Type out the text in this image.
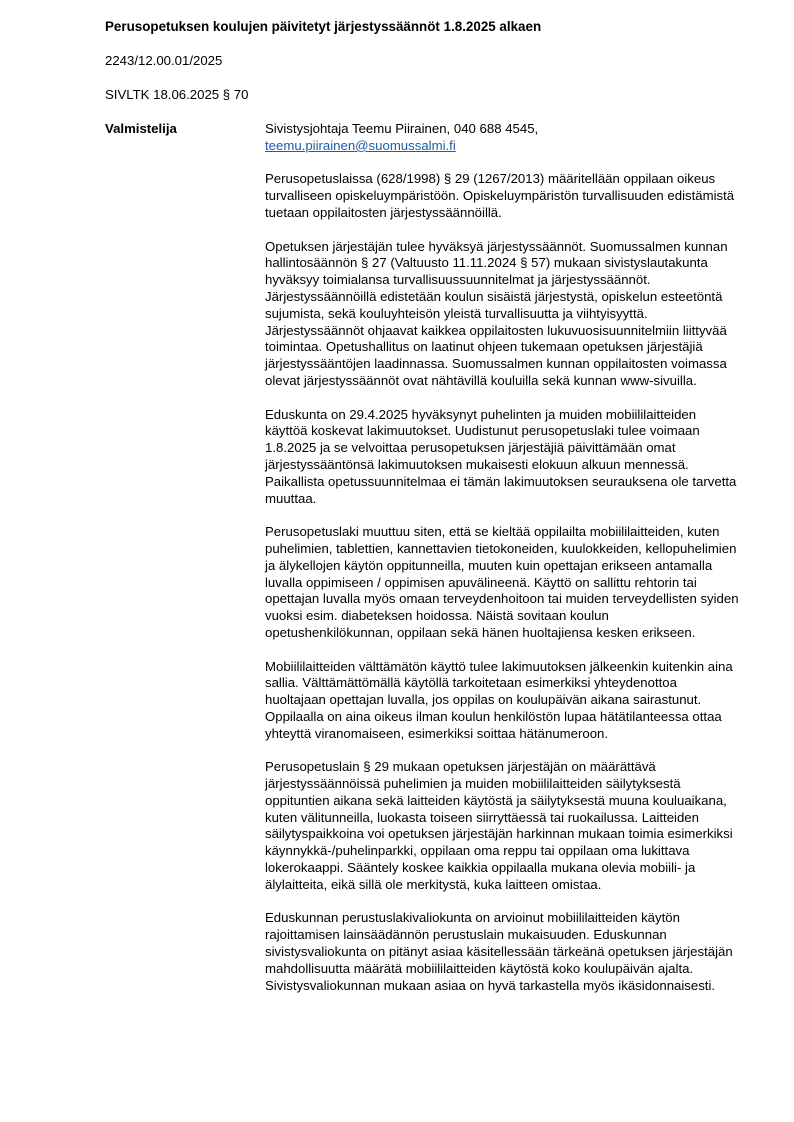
Perusopetuksen koulujen päivitetyt järjestyssäännöt 1.8.2025 alkaen

2243/12.00.01/2025

SIVLTK 18.06.2025 § 70

Valmistelija	Sivistysjohtaja Teemu Piirainen, 040 688 4545,

teemu.piirainen@suomussalmi.fi

Perusopetuslaissa (628/1998) § 29 (1267/2013) määritellään oppilaan oikeus turvalliseen opiskeluympäristöön. Opiskeluympäristön turvallisuuden edistämistä tuetaan oppilaitosten järjestyssäännöillä.

Opetuksen järjestäjän tulee hyväksyä järjestyssäännöt. Suomussalmen kunnan hallintosäännön § 27 (Valtuusto 11.11.2024 § 57) mukaan sivistyslautakunta hyväksyy toimialansa turvallisuussuunnitelmat ja järjestyssäännöt. Järjestyssäännöillä edistetään koulun sisäistä järjestystä, opiskelun esteetöntä sujumista, sekä kouluyhteisön yleistä turvallisuutta ja viihtyisyyttä. Järjestyssäännöt ohjaavat kaikkea oppilaitosten lukuvuosisuunnitelmiin liittyvää toimintaa. Opetushallitus on laatinut ohjeen tukemaan opetuksen järjestäjiä järjestyssääntöjen laadinnassa. Suomussalmen kunnan oppilaitosten voimassa olevat järjestyssäännöt ovat nähtävillä kouluilla sekä kunnan www-sivuilla.

Eduskunta on 29.4.2025 hyväksynyt puhelinten ja muiden mobiililaitteiden käyttöä koskevat lakimuutokset. Uudistunut perusopetuslaki tulee voimaan 1.8.2025 ja se velvoittaa perusopetuksen järjestäjiä päivittämään omat järjestyssääntönsä lakimuutoksen mukaisesti elokuun alkuun mennessä. Paikallista opetussuunnitelmaa ei tämän lakimuutoksen seurauksena ole tarvetta muuttaa.

Perusopetuslaki muuttuu siten, että se kieltää oppilailta mobiililaitteiden, kuten puhelimien, tablettien, kannettavien tietokoneiden, kuulokkeiden, kellopuhelimien ja älykellojen käytön oppitunneilla, muuten kuin opettajan erikseen antamalla luvalla oppimiseen / oppimisen apuvälineenä. Käyttö on sallittu rehtorin tai opettajan luvalla myös omaan terveydenhoitoon tai muiden terveydellisten syiden vuoksi esim. diabeteksen hoidossa. Näistä sovitaan koulun opetushenkilökunnan, oppilaan sekä hänen huoltajiensa kesken erikseen.

Mobiililaitteiden välttämätön käyttö tulee lakimuutoksen jälkeenkin kuitenkin aina sallia. Välttämättömällä käytöllä tarkoitetaan esimerkiksi yhteydenottoa huoltajaan opettajan luvalla, jos oppilas on koulupäivän aikana sairastunut. Oppilaalla on aina oikeus ilman koulun henkilöstön lupaa hätätilanteessa ottaa yhteyttä viranomaiseen, esimerkiksi soittaa hätänumeroon.

Perusopetuslain § 29 mukaan opetuksen järjestäjän on määrättävä järjestyssäännöissä puhelimien ja muiden mobiililaitteiden säilytyksestä oppituntien aikana sekä laitteiden käytöstä ja säilytyksestä muuna kouluaikana, kuten välitunneilla, luokasta toiseen siirryttäessä tai ruokailussa. Laitteiden säilytyspaikkoina voi opetuksen järjestäjän harkinnan mukaan toimia esimerkiksi käynnykkä-/puhelinparkki, oppilaan oma reppu tai oppilaan oma lukittava lokerokaappi. Sääntely koskee kaikkia oppilaalla mukana olevia mobiili- ja älylaitteita, eikä sillä ole merkitystä, kuka laitteen omistaa.

Eduskunnan perustuslakivaliokunta on arvioinut mobiililaitteiden käytön rajoittamisen lainsäädännön perustuslain mukaisuuden. Eduskunnan sivistysvaliokunta on pitänyt asiaa käsitellessään tärkeänä opetuksen järjestäjän mahdollisuutta määrätä mobiililaitteiden käytöstä koko koulupäivän ajalta. Sivistysvaliokunnan mukaan asiaa on hyvä tarkastella myös ikäsidonnaisesti.
